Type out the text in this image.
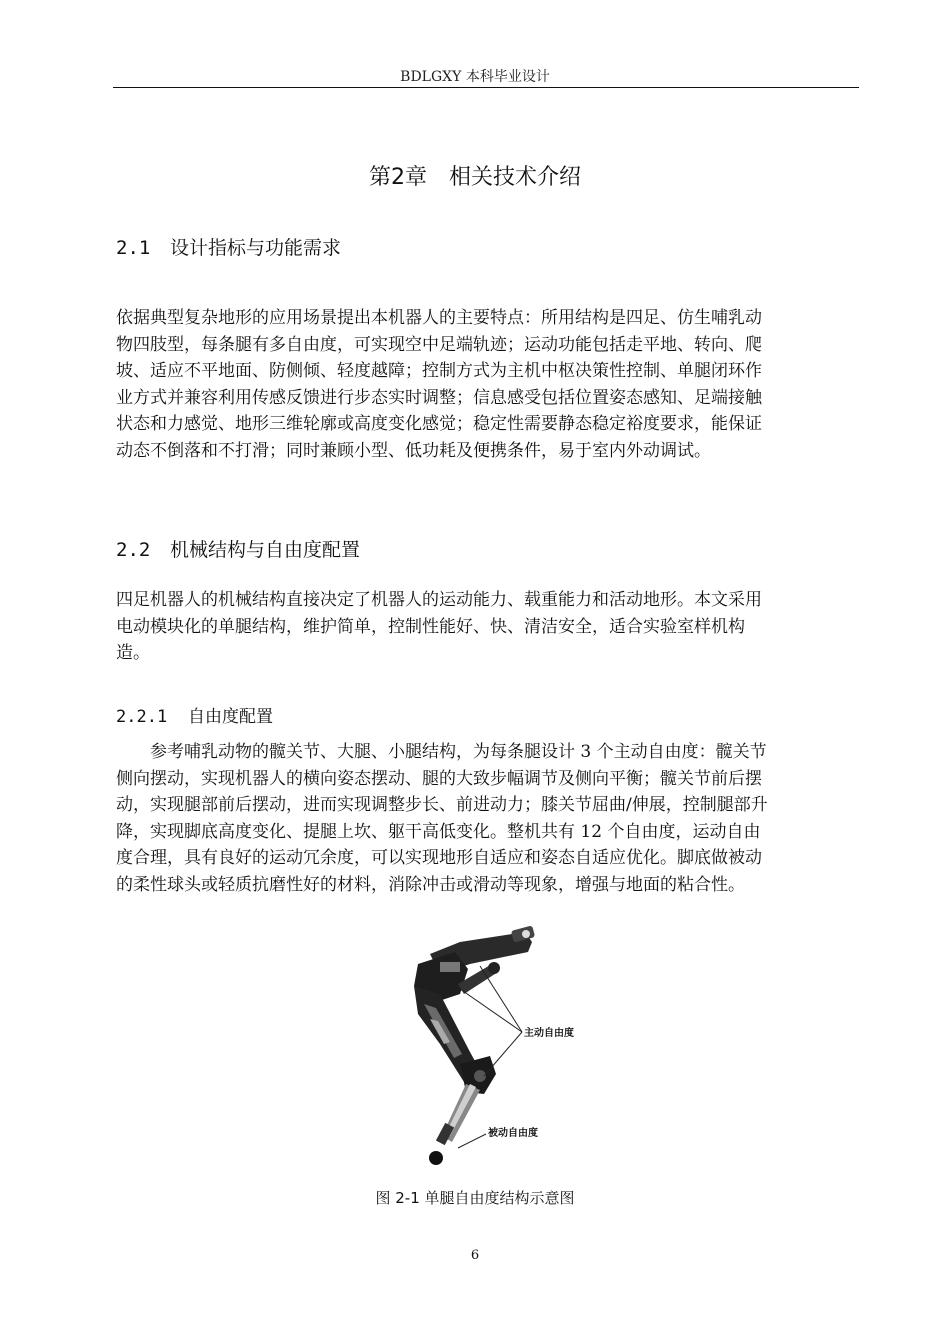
BDLGXY 本科毕业设计
第2章 相关技术介绍
2.1 设计指标与功能需求

依据典型复杂地形的应用场景提出本机器人的主要特点：所用结构是四足、仿生哺乳动

物四肢型，每条腿有多自由度，可实现空中足端轨迹；运动功能包括走平地、转向、爬

坡、适应不平地面、防侧倾、轻度越障；控制方式为主机中枢决策性控制、单腿闭环作

业方式并兼容利用传感反馈进行步态实时调整；信息感受包括位置姿态感知、足端接触

状态和力感觉、地形三维轮廓或高度变化感觉；稳定性需要静态稳定裕度要求，能保证

动态不倒落和不打滑；同时兼顾小型、低功耗及便携条件，易于室内外动调试。

2.2 机械结构与自由度配置

四足机器人的机械结构直接决定了机器人的运动能力、载重能力和活动地形。本文采用

电动模块化的单腿结构，维护简单，控制性能好、快、清洁安全，适合实验室样机构

造。

2.2.1 自由度配置

参考哺乳动物的髋关节、大腿、小腿结构，为每条腿设计 3 个主动自由度：髋关节

侧向摆动，实现机器人的横向姿态摆动、腿的大致步幅调节及侧向平衡；髋关节前后摆

动，实现腿部前后摆动，进而实现调整步长、前进动力；膝关节屈曲/伸展，控制腿部升

降，实现脚底高度变化、提腿上坎、躯干高低变化。整机共有 12 个自由度，运动自由

度合理，具有良好的运动冗余度，可以实现地形自适应和姿态自适应优化。脚底做被动

的柔性球头或轻质抗磨性好的材料，消除冲击或滑动等现象，增强与地面的粘合性。

主动自由度
被动自由度
图 2-1 单腿自由度结构示意图
6
